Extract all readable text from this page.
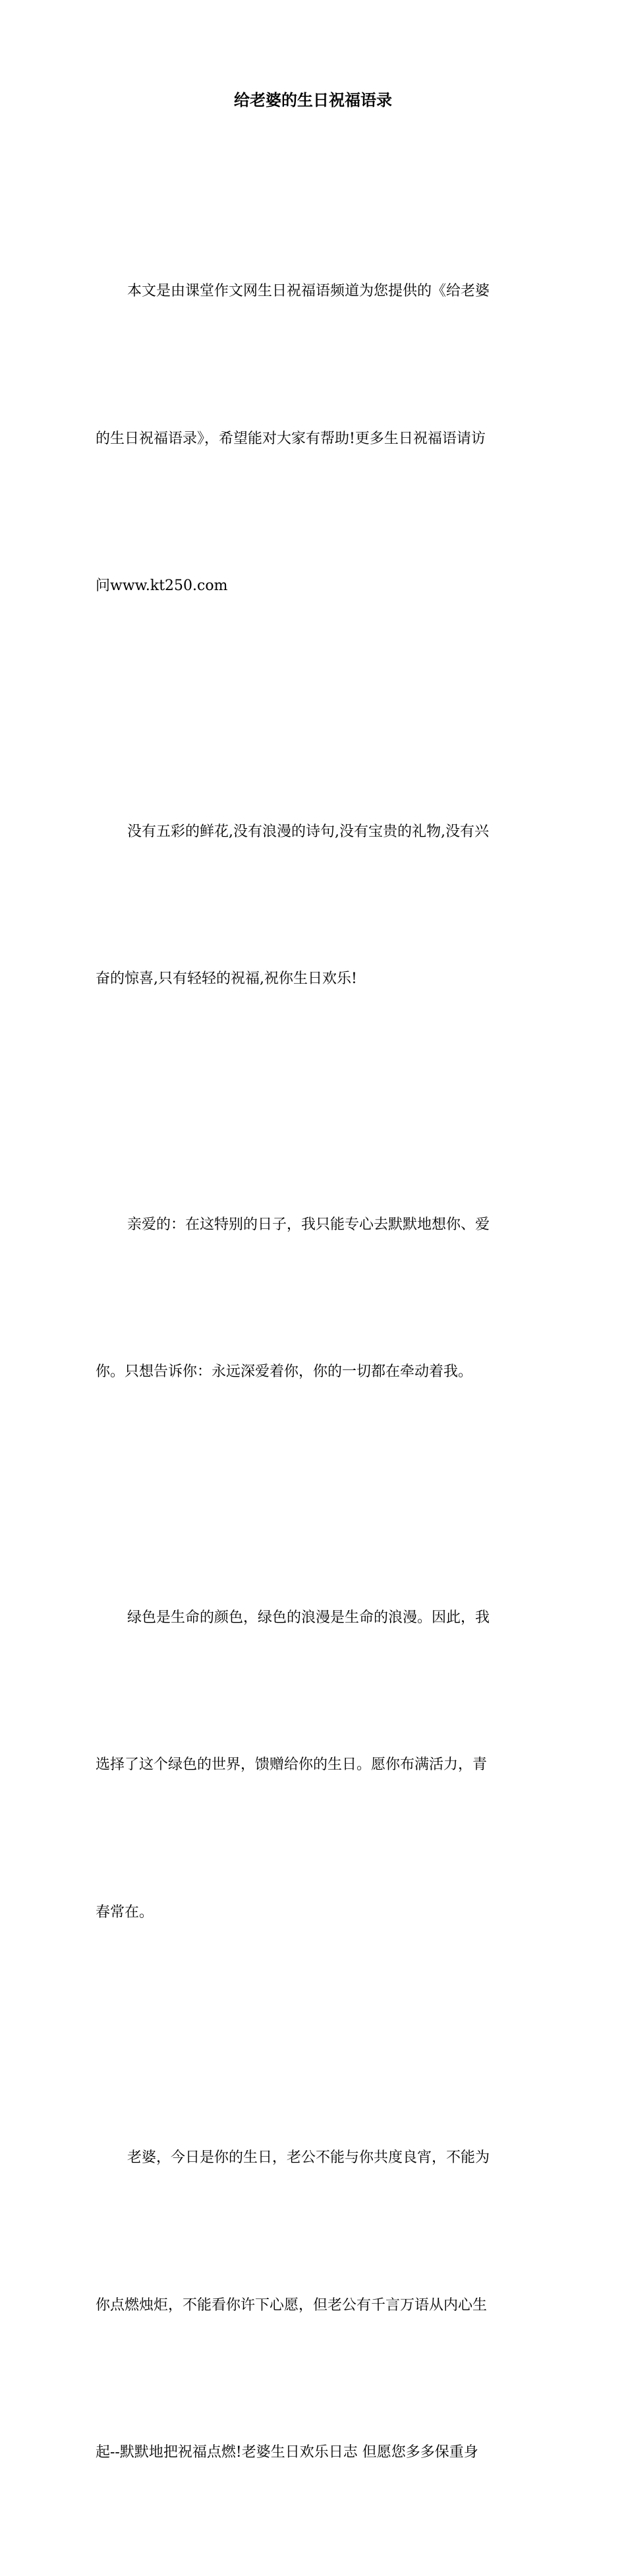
给老婆的生日祝福语录

本文是由课堂作文网生日祝福语频道为您提供的《给老婆

的生日祝福语录》，希望能对大家有帮助!更多生日祝福语请访

问www.kt250.com

没有五彩的鲜花,没有浪漫的诗句,没有宝贵的礼物,没有兴

奋的惊喜,只有轻轻的祝福,祝你生日欢乐!

亲爱的：在这特别的日子，我只能专心去默默地想你、爱

你。只想告诉你：永远深爱着你，你的一切都在牵动着我。

绿色是生命的颜色，绿色的浪漫是生命的浪漫。因此，我

选择了这个绿色的世界，馈赠给你的生日。愿你布满活力，青

春常在。

老婆，今日是你的生日，老公不能与你共度良宵，不能为

你点燃烛炬，不能看你许下心愿，但老公有千言万语从内心生

起--默默地把祝福点燃!老婆生日欢乐日志 但愿您多多保重身
